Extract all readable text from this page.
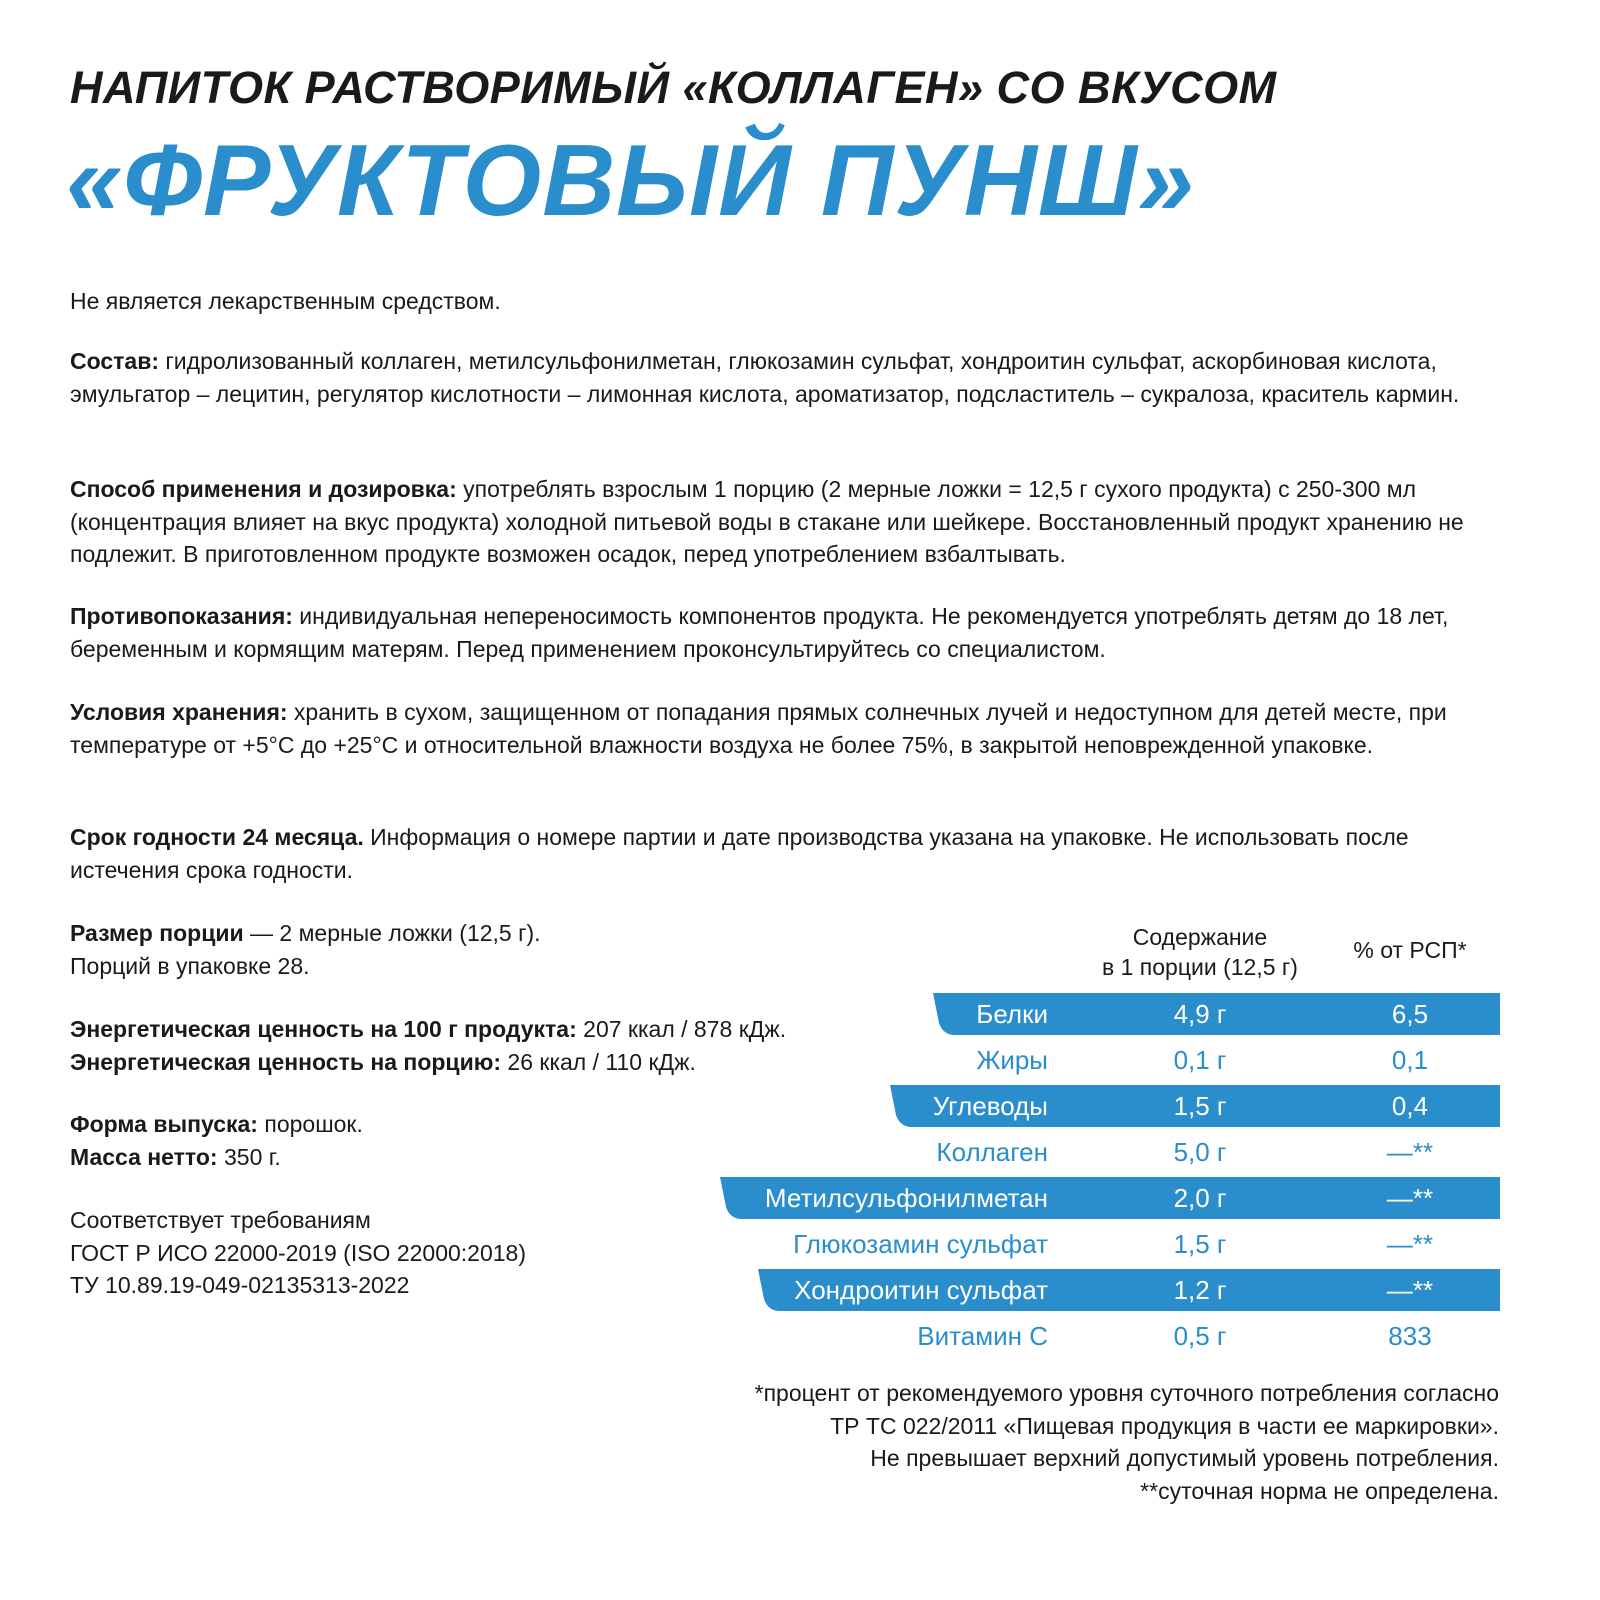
НАПИТОК РАСТВОРИМЫЙ «КОЛЛАГЕН» СО ВКУСОМ
«ФРУКТОВЫЙ ПУНШ»
Не является лекарственным средством.
Состав: гидролизованный коллаген, метилсульфонилметан, глюкозамин сульфат, хондроитин сульфат, аскорбиновая кислота, эмульгатор – лецитин, регулятор кислотности – лимонная кислота, ароматизатор, подсластитель – сукралоза, краситель кармин.
Способ применения и дозировка: употреблять взрослым 1 порцию (2 мерные ложки = 12,5 г сухого продукта) с 250-300 мл (концентрация влияет на вкус продукта) холодной питьевой воды в стакане или шейкере. Восстановленный продукт хранению не подлежит. В приготовленном продукте возможен осадок, перед употреблением взбалтывать.
Противопоказания: индивидуальная непереносимость компонентов продукта. Не рекомендуется употреблять детям до 18 лет, беременным и кормящим матерям. Перед применением проконсультируйтесь со специалистом.
Условия хранения: хранить в сухом, защищенном от попадания прямых солнечных лучей и недоступном для детей месте, при температуре от +5°С до +25°С и относительной влажности воздуха не более 75%, в закрытой неповрежденной упаковке.
Срок годности 24 месяца. Информация о номере партии и дате производства указана на упаковке. Не использовать после истечения срока годности.
Размер порции — 2 мерные ложки (12,5 г).
Порций в упаковке 28.
Энергетическая ценность на 100 г продукта: 207 ккал / 878 кДж.
Энергетическая ценность на порцию: 26 ккал / 110 кДж.
Форма выпуска: порошок.
Масса нетто: 350 г.
Соответствует требованиям
ГОСТ Р ИСО 22000-2019 (ISO 22000:2018)
ТУ 10.89.19-049-02135313-2022
Содержание
в 1 порции (12,5 г)
% от РСП*
Белки	4,9 г	6,5
Жиры	0,1 г	0,1
Углеводы	1,5 г	0,4
Коллаген	5,0 г	—**
Метилсульфонилметан	2,0 г	—**
Глюкозамин сульфат	1,5 г	—**
Хондроитин сульфат	1,2 г	—**
Витамин С	0,5 г	833
*процент от рекомендуемого уровня суточного потребления согласно
ТР ТС 022/2011 «Пищевая продукция в части ее маркировки».
Не превышает верхний допустимый уровень потребления.
**суточная норма не определена.
